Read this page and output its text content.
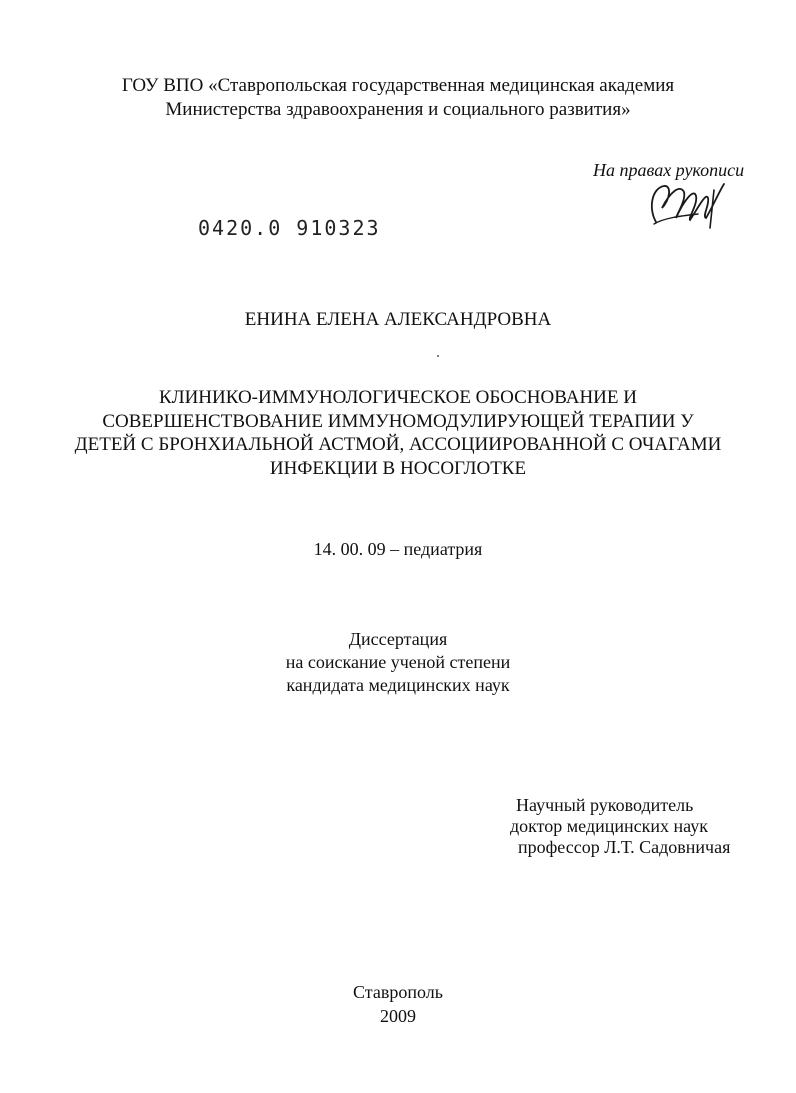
ГОУ ВПО «Ставропольская государственная медицинская академия
Министерства здравоохранения и социального развития»
На правах рукописи
0420.0 910323
ЕНИНА ЕЛЕНА АЛЕКСАНДРОВНА
КЛИНИКО-ИММУНОЛОГИЧЕСКОЕ ОБОСНОВАНИЕ И
СОВЕРШЕНСТВОВАНИЕ ИММУНОМОДУЛИРУЮЩЕЙ ТЕРАПИИ У
ДЕТЕЙ С БРОНХИАЛЬНОЙ АСТМОЙ, АССОЦИИРОВАННОЙ С ОЧАГАМИ
ИНФЕКЦИИ В НОСОГЛОТКЕ
14. 00. 09 – педиатрия
Диссертация
на соискание ученой степени
кандидата медицинских наук
Научный руководитель
доктор медицинских наук
профессор Л.Т. Садовничая
Ставрополь
2009
